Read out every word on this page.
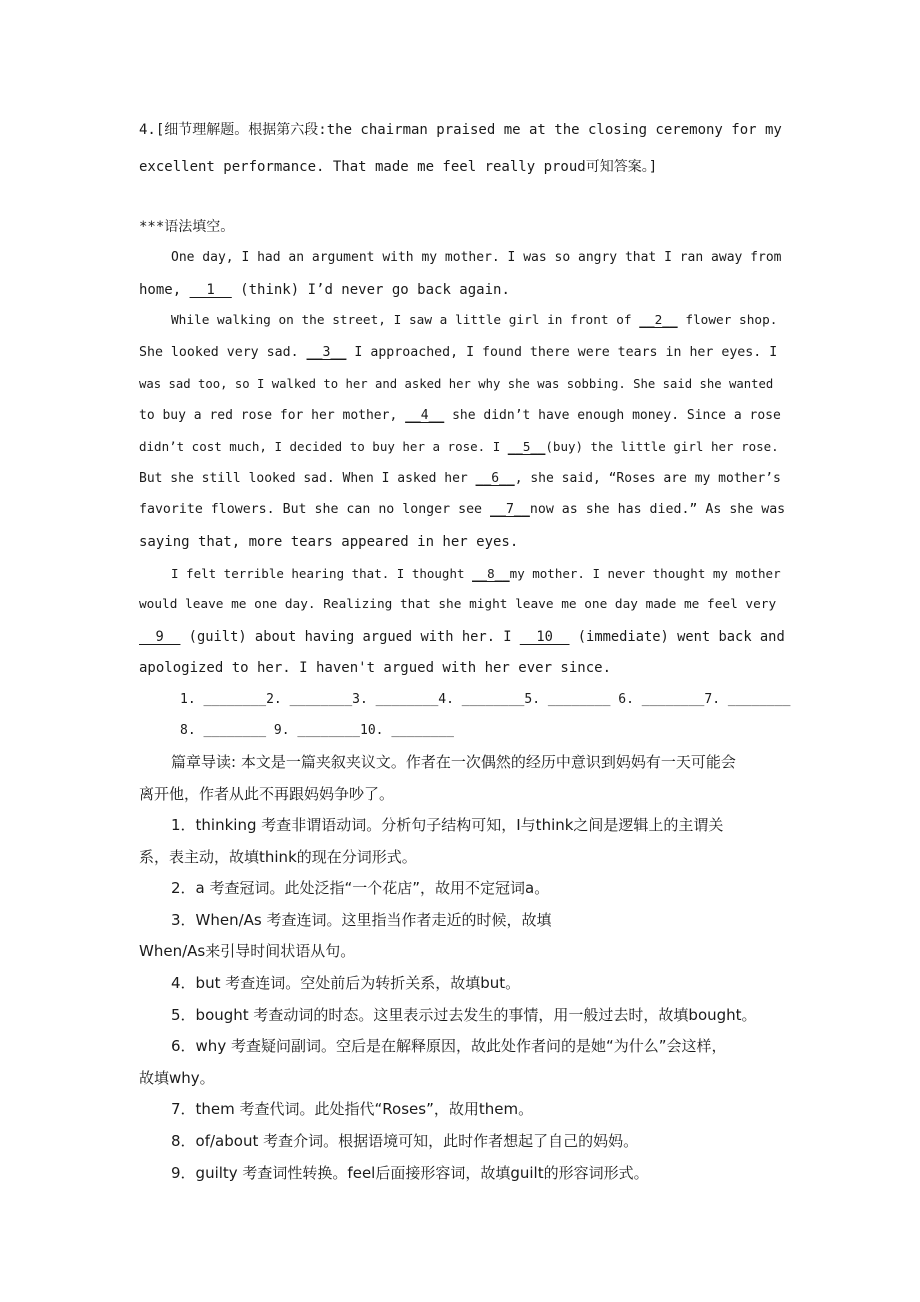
4.[细节理解题。根据第六段:the chairman praised me at the closing ceremony for my
excellent performance. That made me feel really proud可知答案。]
***语法填空。
One day, I had an argument with my mother. I was so angry that I ran away from
home, __1__ (think) I’d never go back again.
While walking on the street, I saw a little girl in front of __2__ flower shop.
She looked very sad. __3__ I approached, I found there were tears in her eyes. I
was sad too, so I walked to her and asked her why she was sobbing. She said she wanted
to buy a red rose for her mother, __4__ she didn’t have enough money. Since a rose
didn’t cost much, I decided to buy her a rose. I __5__(buy) the little girl her rose.
But she still looked sad. When I asked her __6__, she said, “Roses are my mother’s
favorite flowers. But she can no longer see __7__now as she has died.” As she was
saying that, more tears appeared in her eyes.
I felt terrible hearing that. I thought __8__my mother. I never thought my mother
would leave me one day. Realizing that she might leave me one day made me feel very
__9__ (guilt) about having argued with her. I __10__ (immediate) went back and
apologized to her. I haven't argued with her ever since.
1. ________2. ________3. ________4. ________5. ________ 6. ________7. ________
8. ________ 9. ________10. ________
篇章导读: 本文是一篇夹叙夹议文。作者在一次偶然的经历中意识到妈妈有一天可能会
离开他，作者从此不再跟妈妈争吵了。
1．thinking 考查非谓语动词。分析句子结构可知，I与think之间是逻辑上的主谓关
系，表主动，故填think的现在分词形式。
2．a 考查冠词。此处泛指“一个花店”，故用不定冠词a。
3．When/As 考查连词。这里指当作者走近的时候，故填
When/As来引导时间状语从句。
4．but 考查连词。空处前后为转折关系，故填but。
5．bought 考查动词的时态。这里表示过去发生的事情，用一般过去时，故填bought。
6．why 考查疑问副词。空后是在解释原因，故此处作者问的是她“为什么”会这样，
故填why。
7．them 考查代词。此处指代“Roses”，故用them。
8．of/about 考查介词。根据语境可知，此时作者想起了自己的妈妈。
9．guilty 考查词性转换。feel后面接形容词，故填guilt的形容词形式。
